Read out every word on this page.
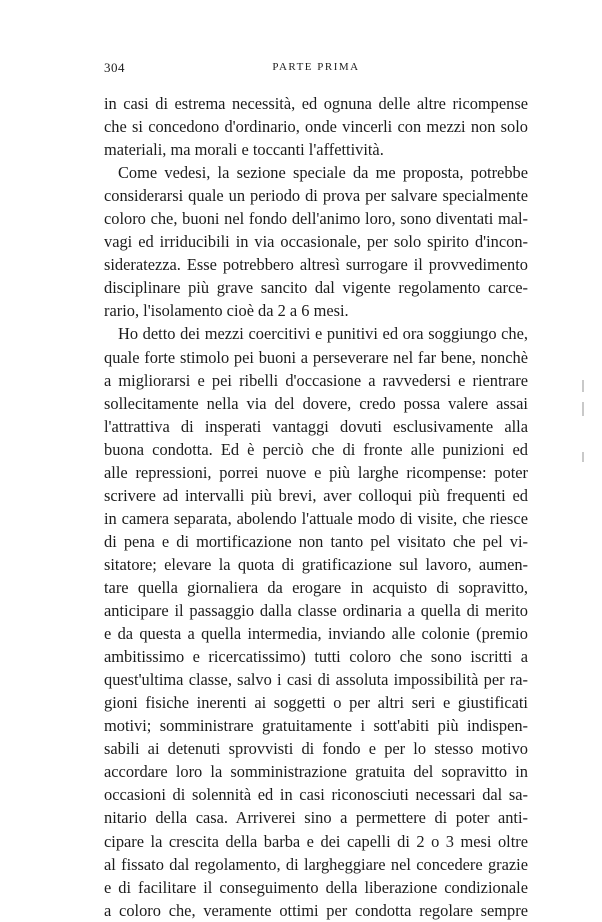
304	PARTE PRIMA
in casi di estrema necessità, ed ognuna delle altre ricompense
che si concedono d'ordinario, onde vincerli con mezzi non solo
materiali, ma morali e toccanti l'affettività.
Come vedesi, la sezione speciale da me proposta, potrebbe
considerarsi quale un periodo di prova per salvare specialmente
coloro che, buoni nel fondo dell'animo loro, sono diventati mal-
vagi ed irriducibili in via occasionale, per solo spirito d'incon-
sideratezza. Esse potrebbero altresì surrogare il provvedimento
disciplinare più grave sancito dal vigente regolamento carce-
rario, l'isolamento cioè da 2 a 6 mesi.
Ho detto dei mezzi coercitivi e punitivi ed ora soggiungo che,
quale forte stimolo pei buoni a perseverare nel far bene, nonchè
a migliorarsi e pei ribelli d'occasione a ravvedersi e rientrare
sollecitamente nella via del dovere, credo possa valere assai
l'attrattiva di insperati vantaggi dovuti esclusivamente alla
buona condotta. Ed è perciò che di fronte alle punizioni ed
alle repressioni, porrei nuove e più larghe ricompense: poter
scrivere ad intervalli più brevi, aver colloqui più frequenti ed
in camera separata, abolendo l'attuale modo di visite, che riesce
di pena e di mortificazione non tanto pel visitato che pel vi-
sitatore; elevare la quota di gratificazione sul lavoro, aumen-
tare quella giornaliera da erogare in acquisto di sopravitto,
anticipare il passaggio dalla classe ordinaria a quella di merito
e da questa a quella intermedia, inviando alle colonie (premio
ambitissimo e ricercatissimo) tutti coloro che sono iscritti a
quest'ultima classe, salvo i casi di assoluta impossibilità per ra-
gioni fisiche inerenti ai soggetti o per altri seri e giustificati
motivi; somministrare gratuitamente i sott'abiti più indispen-
sabili ai detenuti sprovvisti di fondo e per lo stesso motivo
accordare loro la somministrazione gratuita del sopravitto in
occasioni di solennità ed in casi riconosciuti necessari dal sa-
nitario della casa. Arriverei sino a permettere di poter anti-
cipare la crescita della barba e dei capelli di 2 o 3 mesi oltre
al fissato dal regolamento, di largheggiare nel concedere grazie
e di facilitare il conseguimento della liberazione condizionale
a coloro che, veramente ottimi per condotta regolare sempre
